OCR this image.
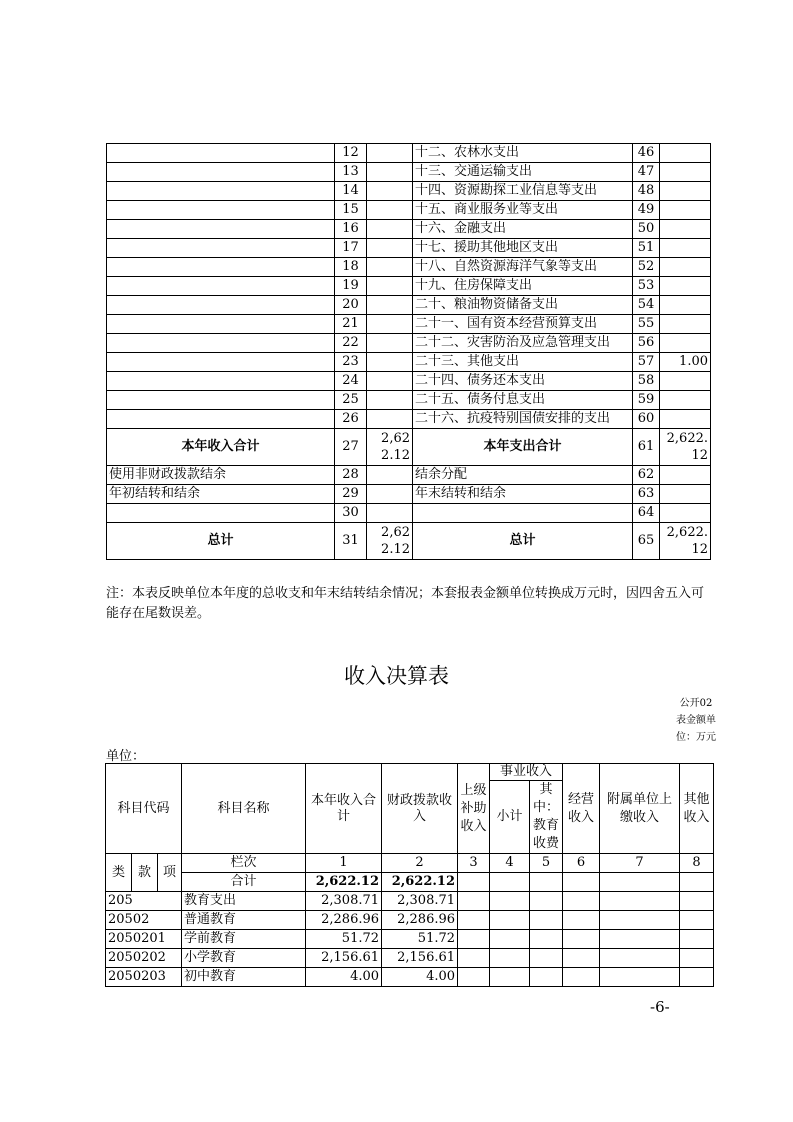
	12		十二、农林水支出	46	
	13		十三、交通运输支出	47	
	14		十四、资源勘探工业信息等支出	48	
	15		十五、商业服务业等支出	49	
	16		十六、金融支出	50	
	17		十七、援助其他地区支出	51	
	18		十八、自然资源海洋气象等支出	52	
	19		十九、住房保障支出	53	
	20		二十、粮油物资储备支出	54	
	21		二十一、国有资本经营预算支出	55	
	22		二十二、灾害防治及应急管理支出	56	
	23		二十三、其他支出	57	1.00
	24		二十四、债务还本支出	58	
	25		二十五、债务付息支出	59	
	26		二十六、抗疫特别国债安排的支出	60	
本年收入合计	27	2,622.12	本年支出合计	61	2,622.12
使用非财政拨款结余	28		结余分配	62	
年初结转和结余	29		年末结转和结余	63	
	30			64	
总计	31	2,622.12	总计	65	2,622.12
注：本表反映单位本年度的总收支和年末结转结余情况；本套报表金额单位转换成万元时，因四舍五入可能存在尾数误差。
收入决算表
公开02表金额单位：万元
单位：
科目代码			科目名称	本年收入合计	财政拨款收入	上级补助收入	事业收入		经营收入	附属单位上缴收入	其他收入
							小计	其中：教育收费			

类	款	项	栏次	1	2	3	4	5	6	7	8
			合计	2,622.12	2,622.12						
205			教育支出	2,308.71	2,308.71						
20502			普通教育	2,286.96	2,286.96						
2050201			学前教育	51.72	51.72						
2050202			小学教育	2,156.61	2,156.61						
2050203			初中教育	4.00	4.00						
-6-
